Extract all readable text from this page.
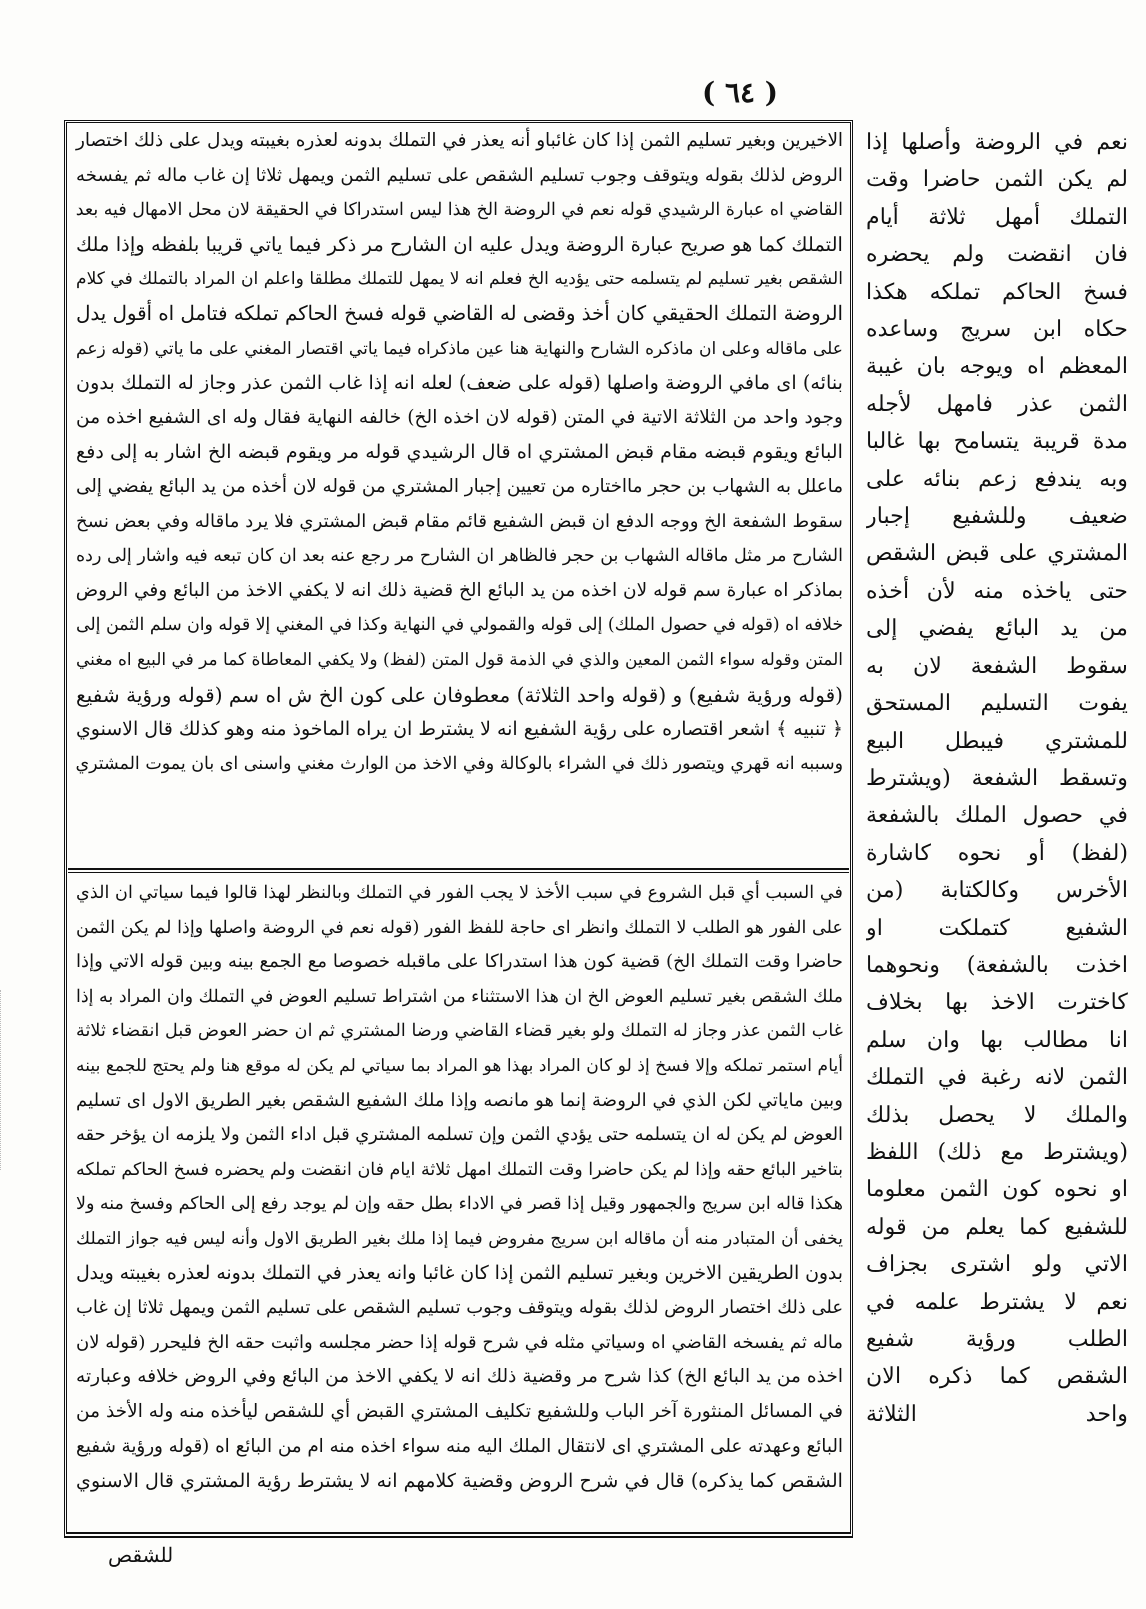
( ٦٤ )
الاخيرين وبغير تسليم الثمن إذا كان غائباو أنه يعذر في التملك بدونه لعذره بغيبته ويدل على ذلك اختصار
الروض لذلك بقوله ويتوقف وجوب تسليم الشقص على تسليم الثمن ويمهل ثلاثا إن غاب ماله ثم يفسخه
القاضي اه عبارة الرشيدي قوله نعم في الروضة الخ هذا ليس استدراكا في الحقيقة لان محل الامهال فيه بعد
التملك كما هو صريح عبارة الروضة ويدل عليه ان الشارح مر ذكر فيما ياتي قريبا بلفظه وإذا ملك
الشقص بغير تسليم لم يتسلمه حتى يؤديه الخ فعلم انه لا يمهل للتملك مطلقا واعلم ان المراد بالتملك في كلام
الروضة التملك الحقيقي كان أخذ وقضى له القاضي قوله فسخ الحاكم تملكه فتامل اه أقول يدل
على ماقاله وعلى ان ماذكره الشارح والنهاية هنا عين ماذكراه فيما ياتي اقتصار المغني على ما ياتي (قوله زعم
بنائه) اى مافي الروضة واصلها (قوله على ضعف) لعله انه إذا غاب الثمن عذر وجاز له التملك بدون
وجود واحد من الثلاثة الاتية في المتن (قوله لان اخذه الخ) خالفه النهاية فقال وله اى الشفيع اخذه من
البائع ويقوم قبضه مقام قبض المشتري اه قال الرشيدي قوله مر ويقوم قبضه الخ اشار به إلى دفع
ماعلل به الشهاب بن حجر مااختاره من تعيين إجبار المشتري من قوله لان أخذه من يد البائع يفضي إلى
سقوط الشفعة الخ ووجه الدفع ان قبض الشفيع قائم مقام قبض المشتري فلا يرد ماقاله وفي بعض نسخ
الشارح مر مثل ماقاله الشهاب بن حجر فالظاهر ان الشارح مر رجع عنه بعد ان كان تبعه فيه واشار إلى رده
بماذكر اه عبارة سم قوله لان اخذه من يد البائع الخ قضية ذلك انه لا يكفي الاخذ من البائع وفي الروض
خلافه اه (قوله في حصول الملك) إلى قوله والقمولي في النهاية وكذا في المغني إلا قوله وان سلم الثمن إلى
المتن وقوله سواء الثمن المعين والذي في الذمة قول المتن (لفظ) ولا يكفي المعاطاة كما مر في البيع اه مغني
(قوله ورؤية شفيع) و (قوله واحد الثلاثة) معطوفان على كون الخ ش اه سم (قوله ورؤية شفيع
﴿ تنبيه ﴾ اشعر اقتصاره على رؤية الشفيع انه لا يشترط ان يراه الماخوذ منه وهو كذلك قال الاسنوي
وسببه انه قهري ويتصور ذلك في الشراء بالوكالة وفي الاخذ من الوارث مغني واسنى اى بان يموت المشتري
في السبب أي قبل الشروع في سبب الأخذ لا يجب الفور في التملك وبالنظر لهذا قالوا فيما سياتي ان الذي
على الفور هو الطلب لا التملك وانظر اى حاجة للفظ الفور (قوله نعم في الروضة واصلها وإذا لم يكن الثمن
حاضرا وقت التملك الخ) قضية كون هذا استدراكا على ماقبله خصوصا مع الجمع بينه وبين قوله الاتي وإذا
ملك الشقص بغير تسليم العوض الخ ان هذا الاستثناء من اشتراط تسليم العوض في التملك وان المراد به إذا
غاب الثمن عذر وجاز له التملك ولو بغير قضاء القاضي ورضا المشتري ثم ان حضر العوض قبل انقضاء ثلاثة
أيام استمر تملكه وإلا فسخ إذ لو كان المراد بهذا هو المراد بما سياتي لم يكن له موقع هنا ولم يحتج للجمع بينه
وبين ماياتي لكن الذي في الروضة إنما هو مانصه وإذا ملك الشفيع الشقص بغير الطريق الاول اى تسليم
العوض لم يكن له ان يتسلمه حتى يؤدي الثمن وإن تسلمه المشتري قبل اداء الثمن ولا يلزمه ان يؤخر حقه
بتاخير البائع حقه وإذا لم يكن حاضرا وقت التملك امهل ثلاثة ايام فان انقضت ولم يحضره فسخ الحاكم تملكه
هكذا قاله ابن سريج والجمهور وقيل إذا قصر في الاداء بطل حقه وإن لم يوجد رفع إلى الحاكم وفسخ منه ولا
يخفى أن المتبادر منه أن ماقاله ابن سريج مفروض فيما إذا ملك بغير الطريق الاول وأنه ليس فيه جواز التملك
بدون الطريقين الاخرين وبغير تسليم الثمن إذا كان غائبا وانه يعذر في التملك بدونه لعذره بغيبته ويدل
على ذلك اختصار الروض لذلك بقوله ويتوقف وجوب تسليم الشقص على تسليم الثمن ويمهل ثلاثا إن غاب
ماله ثم يفسخه القاضي اه وسياتي مثله في شرح قوله إذا حضر مجلسه واثبت حقه الخ فليحرر (قوله لان
اخذه من يد البائع الخ) كذا شرح مر وقضية ذلك انه لا يكفي الاخذ من البائع وفي الروض خلافه وعبارته
في المسائل المنثورة آخر الباب وللشفيع تكليف المشتري القبض أي للشقص ليأخذه منه وله الأخذ من
البائع وعهدته على المشتري اى لانتقال الملك اليه منه سواء اخذه منه ام من البائع اه (قوله ورؤية شفيع
الشقص كما يذكره) قال في شرح الروض وقضية كلامهم انه لا يشترط رؤية المشتري قال الاسنوي
نعم في الروضة وأصلها إذا
لم يكن الثمن حاضرا وقت
التملك أمهل ثلاثة أيام
فان انقضت ولم يحضره
فسخ الحاكم تملكه هكذا
حكاه ابن سريج وساعده
المعظم اه ويوجه بان غيبة
الثمن عذر فامهل لأجله
مدة قريبة يتسامح بها غالبا
وبه يندفع زعم بنائه على
ضعيف وللشفيع إجبار
المشتري على قبض الشقص
حتى ياخذه منه لأن أخذه
من يد البائع يفضي إلى
سقوط الشفعة لان به
يفوت التسليم المستحق
للمشتري فيبطل البيع
وتسقط الشفعة (ويشترط
في حصول الملك بالشفعة
(لفظ) أو نحوه كاشارة
الأخرس وكالكتابة (من
الشفيع كتملكت او
اخذت بالشفعة) ونحوهما
كاخترت الاخذ بها بخلاف
انا مطالب بها وان سلم
الثمن لانه رغبة في التملك
والملك لا يحصل بذلك
(ويشترط مع ذلك) اللفظ
او نحوه كون الثمن معلوما
للشفيع كما يعلم من قوله
الاتي ولو اشترى بجزاف
نعم لا يشترط علمه في
الطلب ورؤية شفيع
الشقص كما ذكره الان
واحد الثلاثة
للشقص
